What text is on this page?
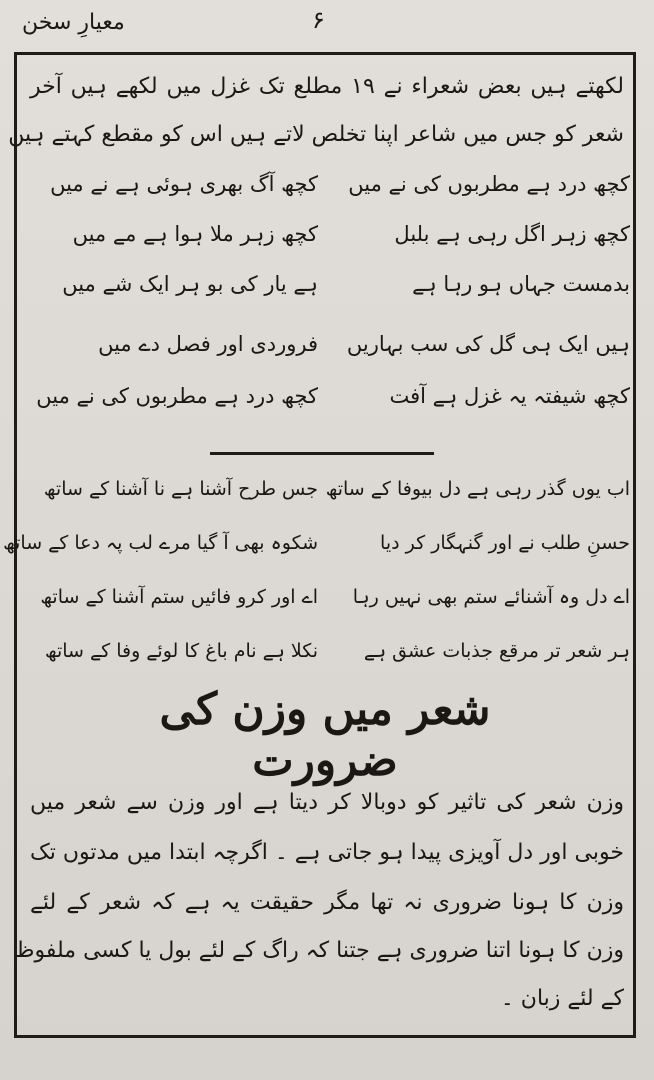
معیارِ سخن	۶
لکھتے ہیں بعض شعراء نے ۱۹ مطلع تک غزل میں لکھے ہیں آخر
شعر کو جس میں شاعر اپنا تخلص لاتے ہیں اس کو مقطع کہتے ہیں
کچھ درد ہے مطربوں کی نے میں
کچھ آگ بھری ہوئی ہے نے میں
کچھ زہر اگل رہی ہے بلبل
کچھ زہر ملا ہوا ہے مے میں
بدمست جہاں ہو رہا ہے
ہے یار کی بو ہر ایک شے میں
ہیں ایک ہی گل کی سب بہاریں
فروردی اور فصل دے میں
کچھ شیفتہ یہ غزل ہے آفت
کچھ درد ہے مطربوں کی نے میں
اب یوں گذر رہی ہے دل بیوفا کے ساتھ
جس طرح آشنا ہے نا آشنا کے ساتھ
حسنِ طلب نے اور گنہگار کر دیا
شکوہ بھی آ گیا مرے لب پہ دعا کے ساتھ
اے دل وہ آشنائے ستم بھی نہیں رہا
اے اور کرو فائیں ستم آشنا کے ساتھ
ہر شعر تر مرقع جذبات عشق ہے
نکلا ہے نام باغ کا لوئے وفا کے ساتھ
شعر میں وزن کی ضرورت
وزن شعر کی تاثیر کو دوبالا کر دیتا ہے اور وزن سے شعر میں
خوبی اور دل آویزی پیدا ہو جاتی ہے ۔ اگرچہ ابتدا میں مدتوں تک
وزن کا ہونا ضروری نہ تھا مگر حقیقت یہ ہے کہ شعر کے لئے
وزن کا ہونا اتنا ضروری ہے جتنا کہ راگ کے لئے بول یا کسی ملفوظ
کے لئے زبان ۔
